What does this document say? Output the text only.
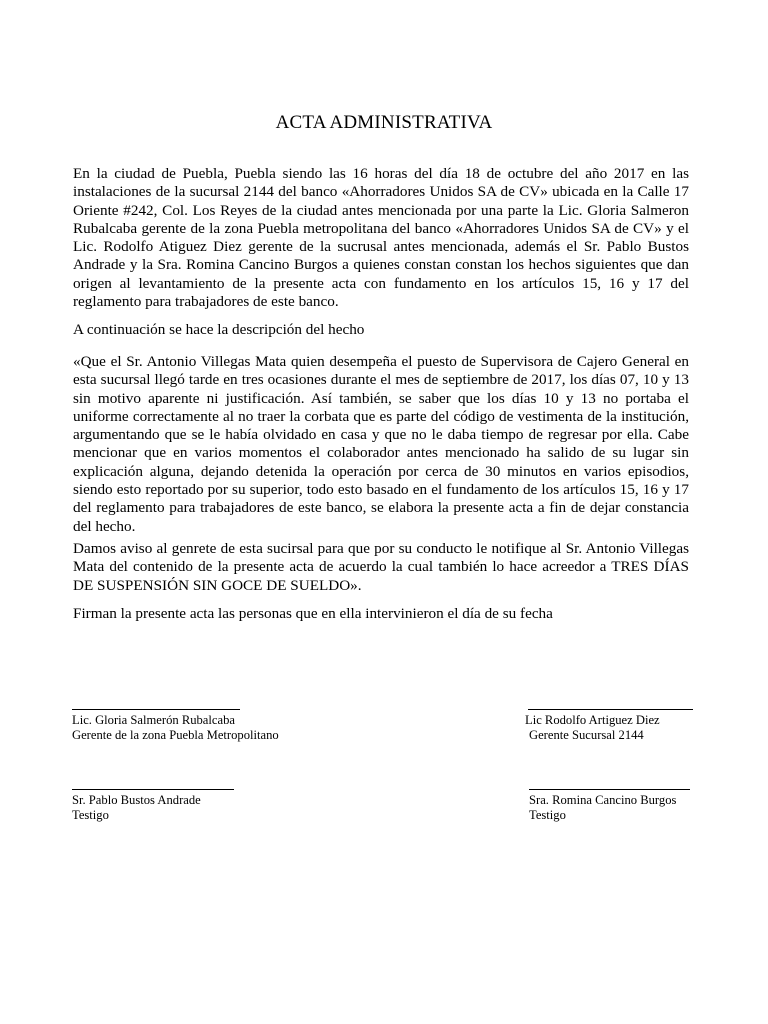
ACTA ADMINISTRATIVA

En la ciudad de Puebla, Puebla siendo las 16 horas del día 18 de octubre del año 2017 en las instalaciones de la sucursal 2144 del banco «Ahorradores Unidos SA de CV» ubicada en la Calle 17 Oriente #242, Col. Los Reyes de la ciudad antes mencionada por una parte la Lic. Gloria Salmeron Rubalcaba gerente de la zona Puebla metropolitana del banco «Ahorradores Unidos SA de CV» y el Lic. Rodolfo Atiguez Diez gerente de la sucrusal antes mencionada, además el Sr. Pablo Bustos Andrade y la Sra. Romina Cancino Burgos a quienes constan constan los hechos siguientes que dan origen al levantamiento de la presente acta con fundamento en los artículos 15, 16 y 17 del reglamento para trabajadores de este banco.

A continuación se hace la descripción del hecho

«Que el Sr. Antonio Villegas Mata quien desempeña el puesto de Supervisora de Cajero General en esta sucursal llegó tarde en tres ocasiones durante el mes de septiembre de 2017, los días 07, 10 y 13 sin motivo aparente ni justificación. Así también, se saber que los días 10 y 13 no portaba el uniforme correctamente al no traer la corbata que es parte del código de vestimenta de la institución, argumentando que se le había olvidado en casa y que no le daba tiempo de regresar por ella. Cabe mencionar que en varios momentos el colaborador antes mencionado ha salido de su lugar sin explicación alguna, dejando detenida la operación por cerca de 30 minutos en varios episodios, siendo esto reportado por su superior, todo esto basado en el fundamento de los artículos 15, 16 y 17 del reglamento para trabajadores de este banco, se elabora la presente acta a fin de dejar constancia del hecho.

Damos aviso al genrete de esta sucirsal para que por su conducto le notifique al Sr. Antonio Villegas Mata del contenido de la presente acta de acuerdo la cual también lo hace acreedor a TRES DÍAS DE SUSPENSIÓN SIN GOCE DE SUELDO».

Firman la presente acta las personas que en ella intervinieron el día de su fecha

Lic. Gloria Salmerón Rubalcaba
Gerente de la zona Puebla Metropolitano
Lic Rodolfo Artiguez Diez
Gerente Sucursal 2144
Sr. Pablo Bustos Andrade
Testigo
Sra. Romina Cancino Burgos
Testigo
